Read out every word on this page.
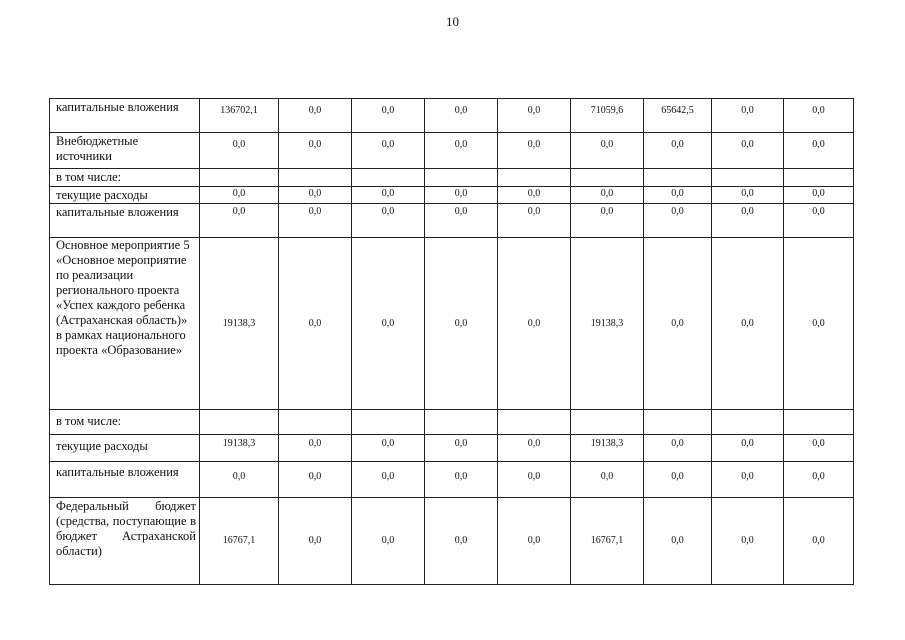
10
капитальные вложения	136702,1	0,0	0,0	0,0	0,0	71059,6	65642,5	0,0	0,0
Внебюджетные источники	0,0	0,0	0,0	0,0	0,0	0,0	0,0	0,0	0,0
в том числе:									
текущие расходы	0,0	0,0	0,0	0,0	0,0	0,0	0,0	0,0	0,0
капитальные вложения	0,0	0,0	0,0	0,0	0,0	0,0	0,0	0,0	0,0
Основное мероприятие 5 «Основное мероприятие по реализации регионального проекта «Успех каждого ребенка (Астраханская область)» в рамках национального проекта «Образование»	19138,3	0,0	0,0	0,0	0,0	19138,3	0,0	0,0	0,0
в том числе:									
текущие расходы	19138,3	0,0	0,0	0,0	0,0	19138,3	0,0	0,0	0,0
капитальные вложения	0,0	0,0	0,0	0,0	0,0	0,0	0,0	0,0	0,0
Федеральный бюджет (средства, поступающие в бюджет Астраханской области)	16767,1	0,0	0,0	0,0	0,0	16767,1	0,0	0,0	0,0
